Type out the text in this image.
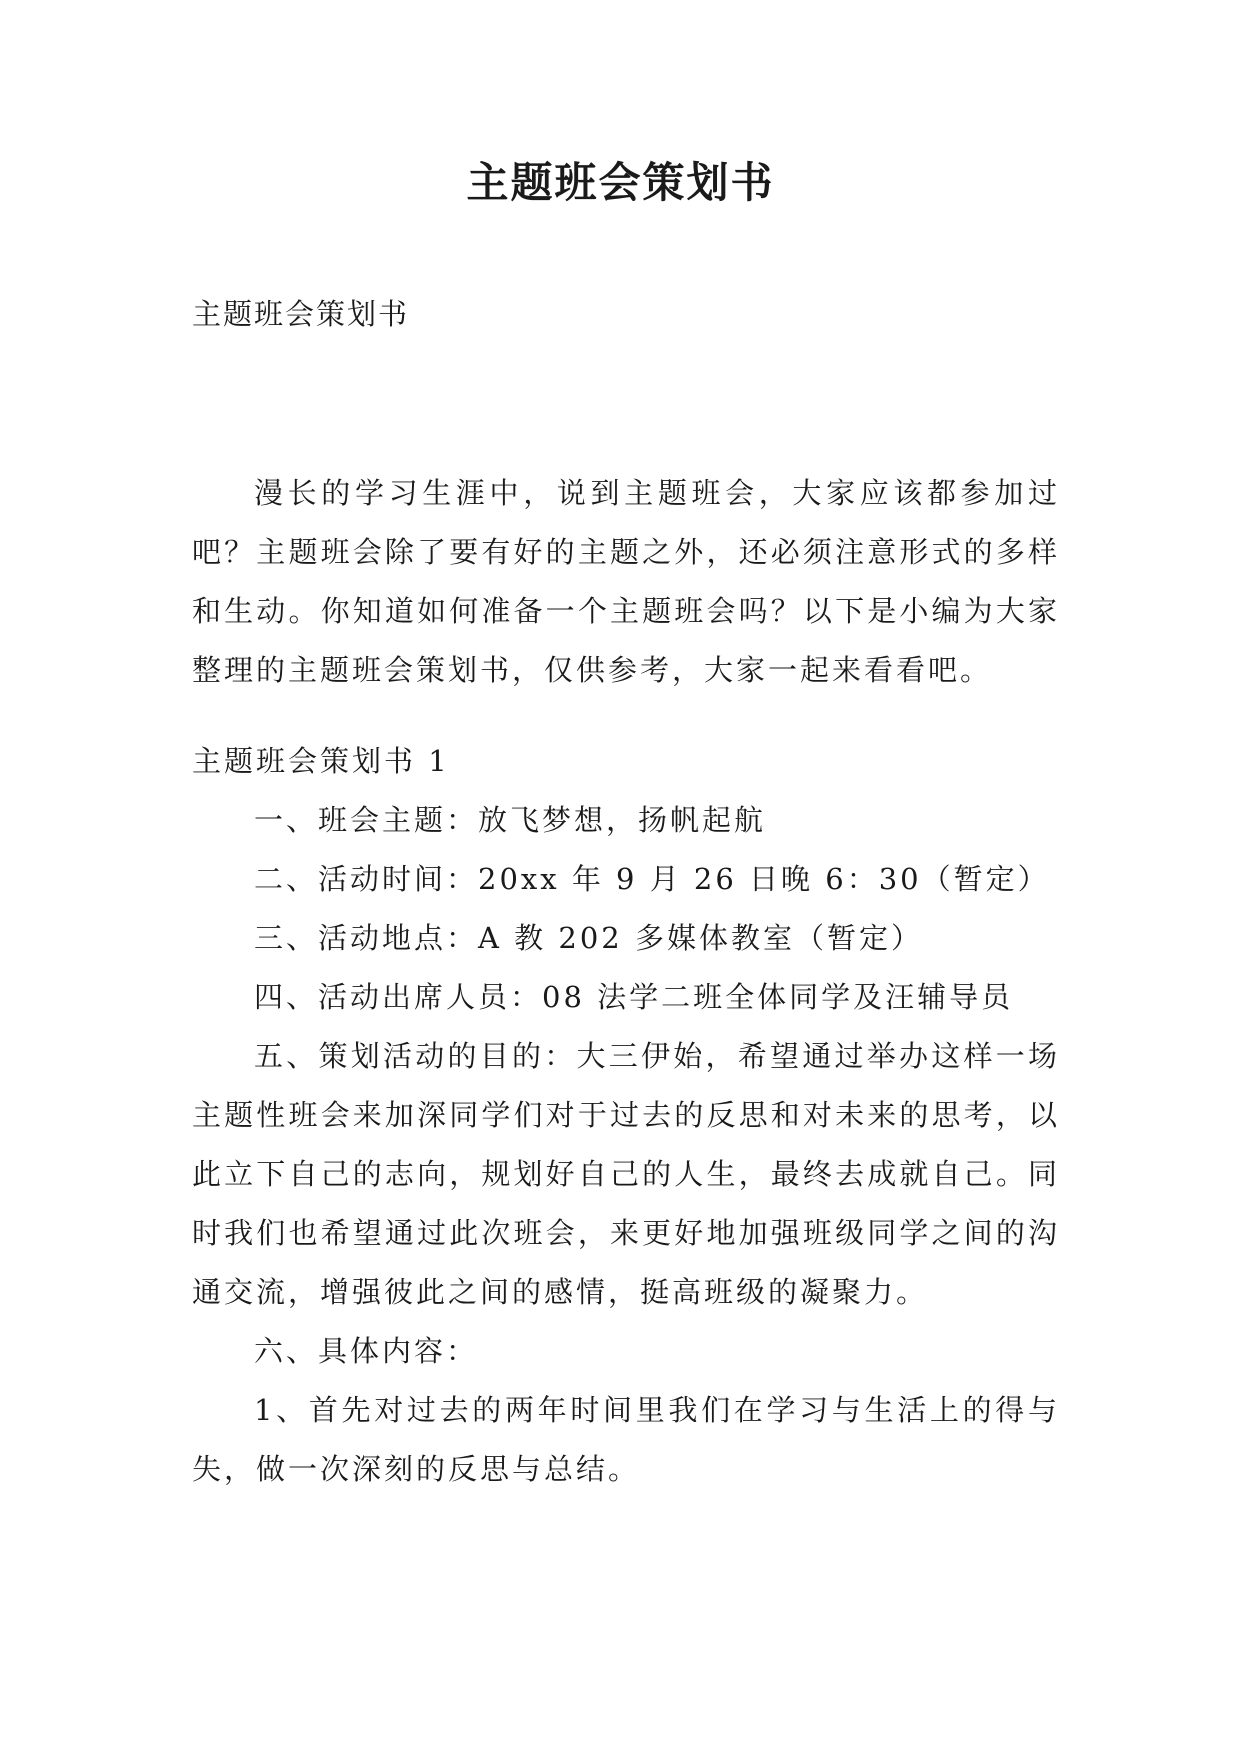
主题班会策划书
主题班会策划书

漫长的学习生涯中，说到主题班会，大家应该都参加过吧？主题班会除了要有好的主题之外，还必须注意形式的多样和生动。你知道如何准备一个主题班会吗？以下是小编为大家整理的主题班会策划书，仅供参考，大家一起来看看吧。

主题班会策划书 1

一、班会主题：放飞梦想，扬帆起航

二、活动时间：20xx 年 9 月 26 日晚 6：30（暂定）

三、活动地点：A 教 202 多媒体教室（暂定）

四、活动出席人员：08 法学二班全体同学及汪辅导员

五、策划活动的目的：大三伊始，希望通过举办这样一场主题性班会来加深同学们对于过去的反思和对未来的思考，以此立下自己的志向，规划好自己的人生，最终去成就自己。同时我们也希望通过此次班会，来更好地加强班级同学之间的沟通交流，增强彼此之间的感情，挺高班级的凝聚力。

六、具体内容：

1、首先对过去的两年时间里我们在学习与生活上的得与失，做一次深刻的反思与总结。
